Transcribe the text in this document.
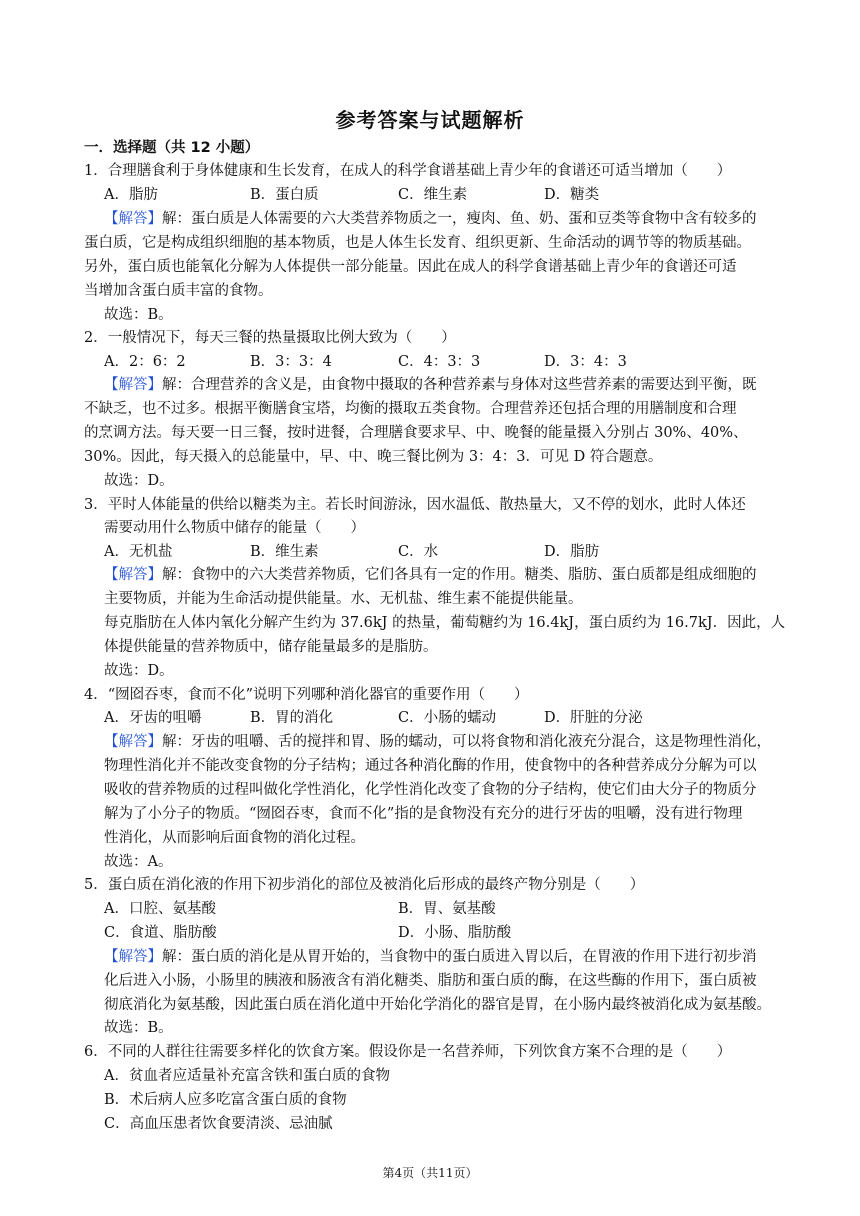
参考答案与试题解析
一．选择题（共 12 小题）
1．合理膳食利于身体健康和生长发育，在成人的科学食谱基础上青少年的食谱还可适当增加（　　）
A．脂肪	B．蛋白质	C．维生素	D．糖类
【解答】解：蛋白质是人体需要的六大类营养物质之一，瘦肉、鱼、奶、蛋和豆类等食物中含有较多的
蛋白质，它是构成组织细胞的基本物质，也是人体生长发育、组织更新、生命活动的调节等的物质基础。
另外，蛋白质也能氧化分解为人体提供一部分能量。因此在成人的科学食谱基础上青少年的食谱还可适
当增加含蛋白质丰富的食物。
故选：B。
2．一般情况下，每天三餐的热量摄取比例大致为（　　）
A．2：6：2	B．3：3：4	C．4：3：3	D．3：4：3
【解答】解：合理营养的含义是，由食物中摄取的各种营养素与身体对这些营养素的需要达到平衡，既
不缺乏，也不过多。根据平衡膳食宝塔，均衡的摄取五类食物。合理营养还包括合理的用膳制度和合理
的烹调方法。每天要一日三餐，按时进餐，合理膳食要求早、中、晚餐的能量摄入分别占 30%、40%、
30%。因此，每天摄入的总能量中，早、中、晚三餐比例为 3：4：3．可见 D 符合题意。
故选：D。
3．平时人体能量的供给以糖类为主。若长时间游泳，因水温低、散热量大，又不停的划水，此时人体还
需要动用什么物质中储存的能量（　　）
A．无机盐	B．维生素	C．水	D．脂肪
【解答】解：食物中的六大类营养物质，它们各具有一定的作用。糖类、脂肪、蛋白质都是组成细胞的
主要物质，并能为生命活动提供能量。水、无机盐、维生素不能提供能量。
每克脂肪在人体内氧化分解产生约为 37.6kJ 的热量，葡萄糖约为 16.4kJ，蛋白质约为 16.7kJ．因此，人
体提供能量的营养物质中，储存能量最多的是脂肪。
故选：D。
4．“囫囵吞枣，食而不化”说明下列哪种消化器官的重要作用（　　）
A．牙齿的咀嚼	B．胃的消化	C．小肠的蠕动	D．肝脏的分泌
【解答】解：牙齿的咀嚼、舌的搅拌和胃、肠的蠕动，可以将食物和消化液充分混合，这是物理性消化，
物理性消化并不能改变食物的分子结构；通过各种消化酶的作用，使食物中的各种营养成分分解为可以
吸收的营养物质的过程叫做化学性消化，化学性消化改变了食物的分子结构，使它们由大分子的物质分
解为了小分子的物质。“囫囵吞枣，食而不化”指的是食物没有充分的进行牙齿的咀嚼，没有进行物理
性消化，从而影响后面食物的消化过程。
故选：A。
5．蛋白质在消化液的作用下初步消化的部位及被消化后形成的最终产物分别是（　　）
A．口腔、氨基酸	B．胃、氨基酸
C．食道、脂肪酸	D．小肠、脂肪酸
【解答】解：蛋白质的消化是从胃开始的，当食物中的蛋白质进入胃以后，在胃液的作用下进行初步消
化后进入小肠，小肠里的胰液和肠液含有消化糖类、脂肪和蛋白质的酶，在这些酶的作用下，蛋白质被
彻底消化为氨基酸，因此蛋白质在消化道中开始化学消化的器官是胃，在小肠内最终被消化成为氨基酸。
故选：B。
6．不同的人群往往需要多样化的饮食方案。假设你是一名营养师，下列饮食方案不合理的是（　　）
A．贫血者应适量补充富含铁和蛋白质的食物
B．术后病人应多吃富含蛋白质的食物
C．高血压患者饮食要清淡、忌油腻
第4页（共11页）
